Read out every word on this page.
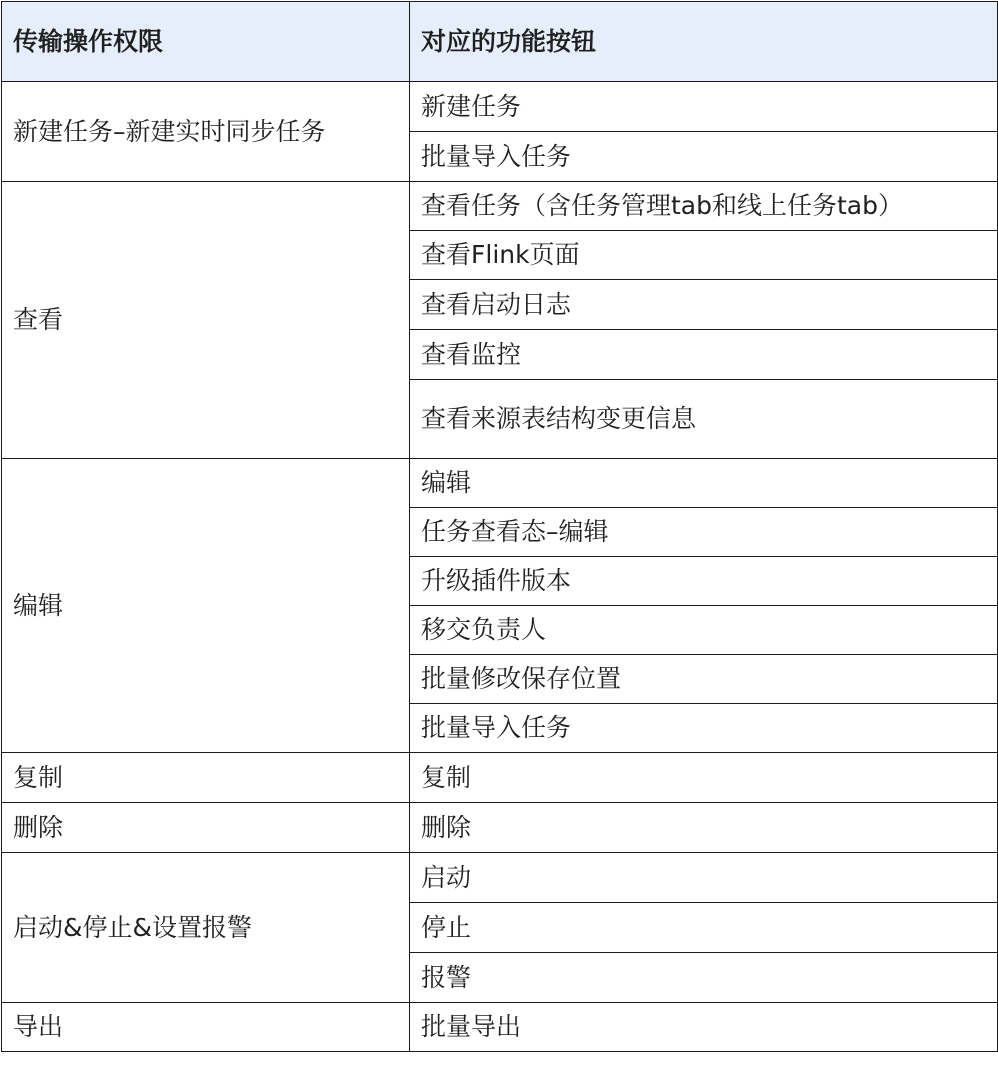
传输操作权限	对应的功能按钮
新建任务–新建实时同步任务	新建任务
	批量导入任务
查看	查看任务（含任务管理tab和线上任务tab）
	查看Flink页面
	查看启动日志
	查看监控
	查看来源表结构变更信息
编辑	编辑
	任务查看态–编辑
	升级插件版本
	移交负责人
	批量修改保存位置
	批量导入任务
复制	复制
删除	删除
启动&停止&设置报警	启动
	停止
	报警
导出	批量导出
